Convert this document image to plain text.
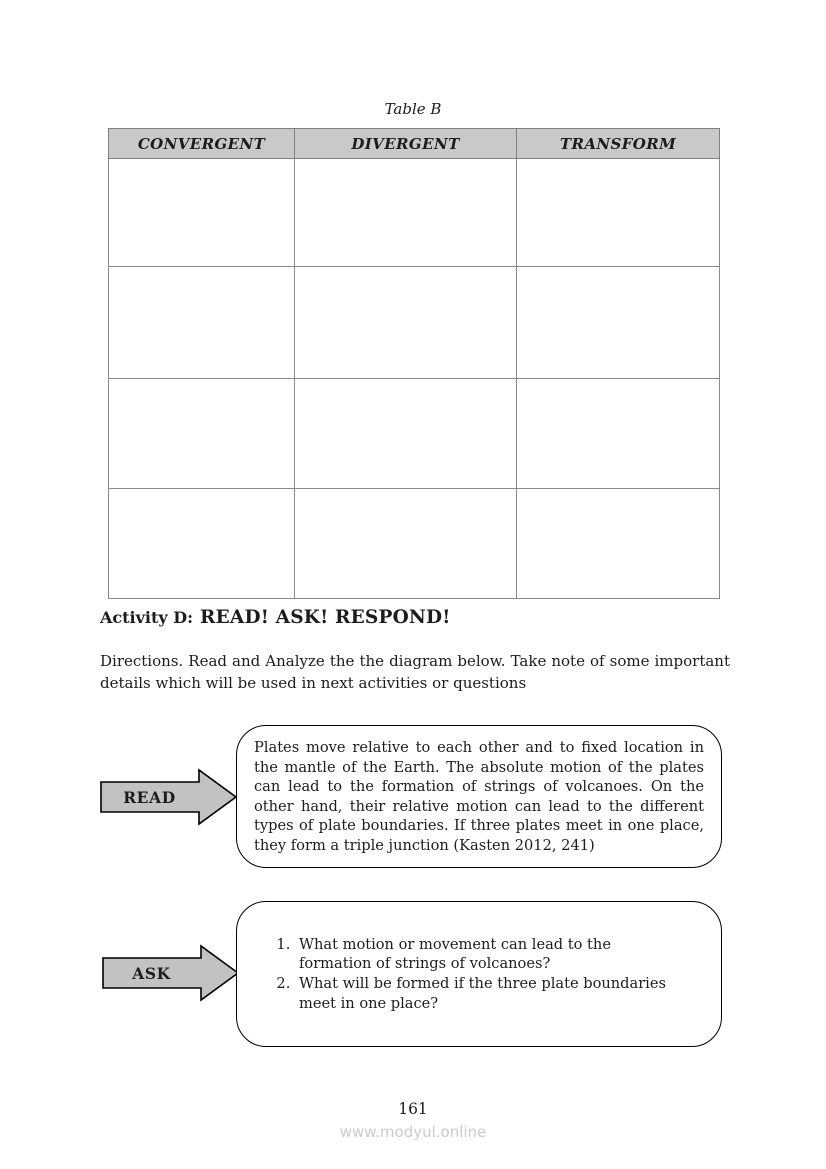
Table B
CONVERGENT	DIVERGENT	TRANSFORM

Activity D: READ! ASK! RESPOND!
Directions. Read and Analyze the the diagram below. Take note of some important details which will be used in next activities or questions
READ
Plates move relative to each other and to fixed location in the mantle of the Earth. The absolute motion of the plates can lead to the formation of strings of volcanoes. On the other hand, their relative motion can lead to the different types of plate boundaries. If three plates meet in one place, they form a triple junction (Kasten 2012, 241)
ASK
1. What motion or movement can lead to the formation of strings of volcanoes?
2. What will be formed if the three plate boundaries meet in one place?
161
www.modyul.online
